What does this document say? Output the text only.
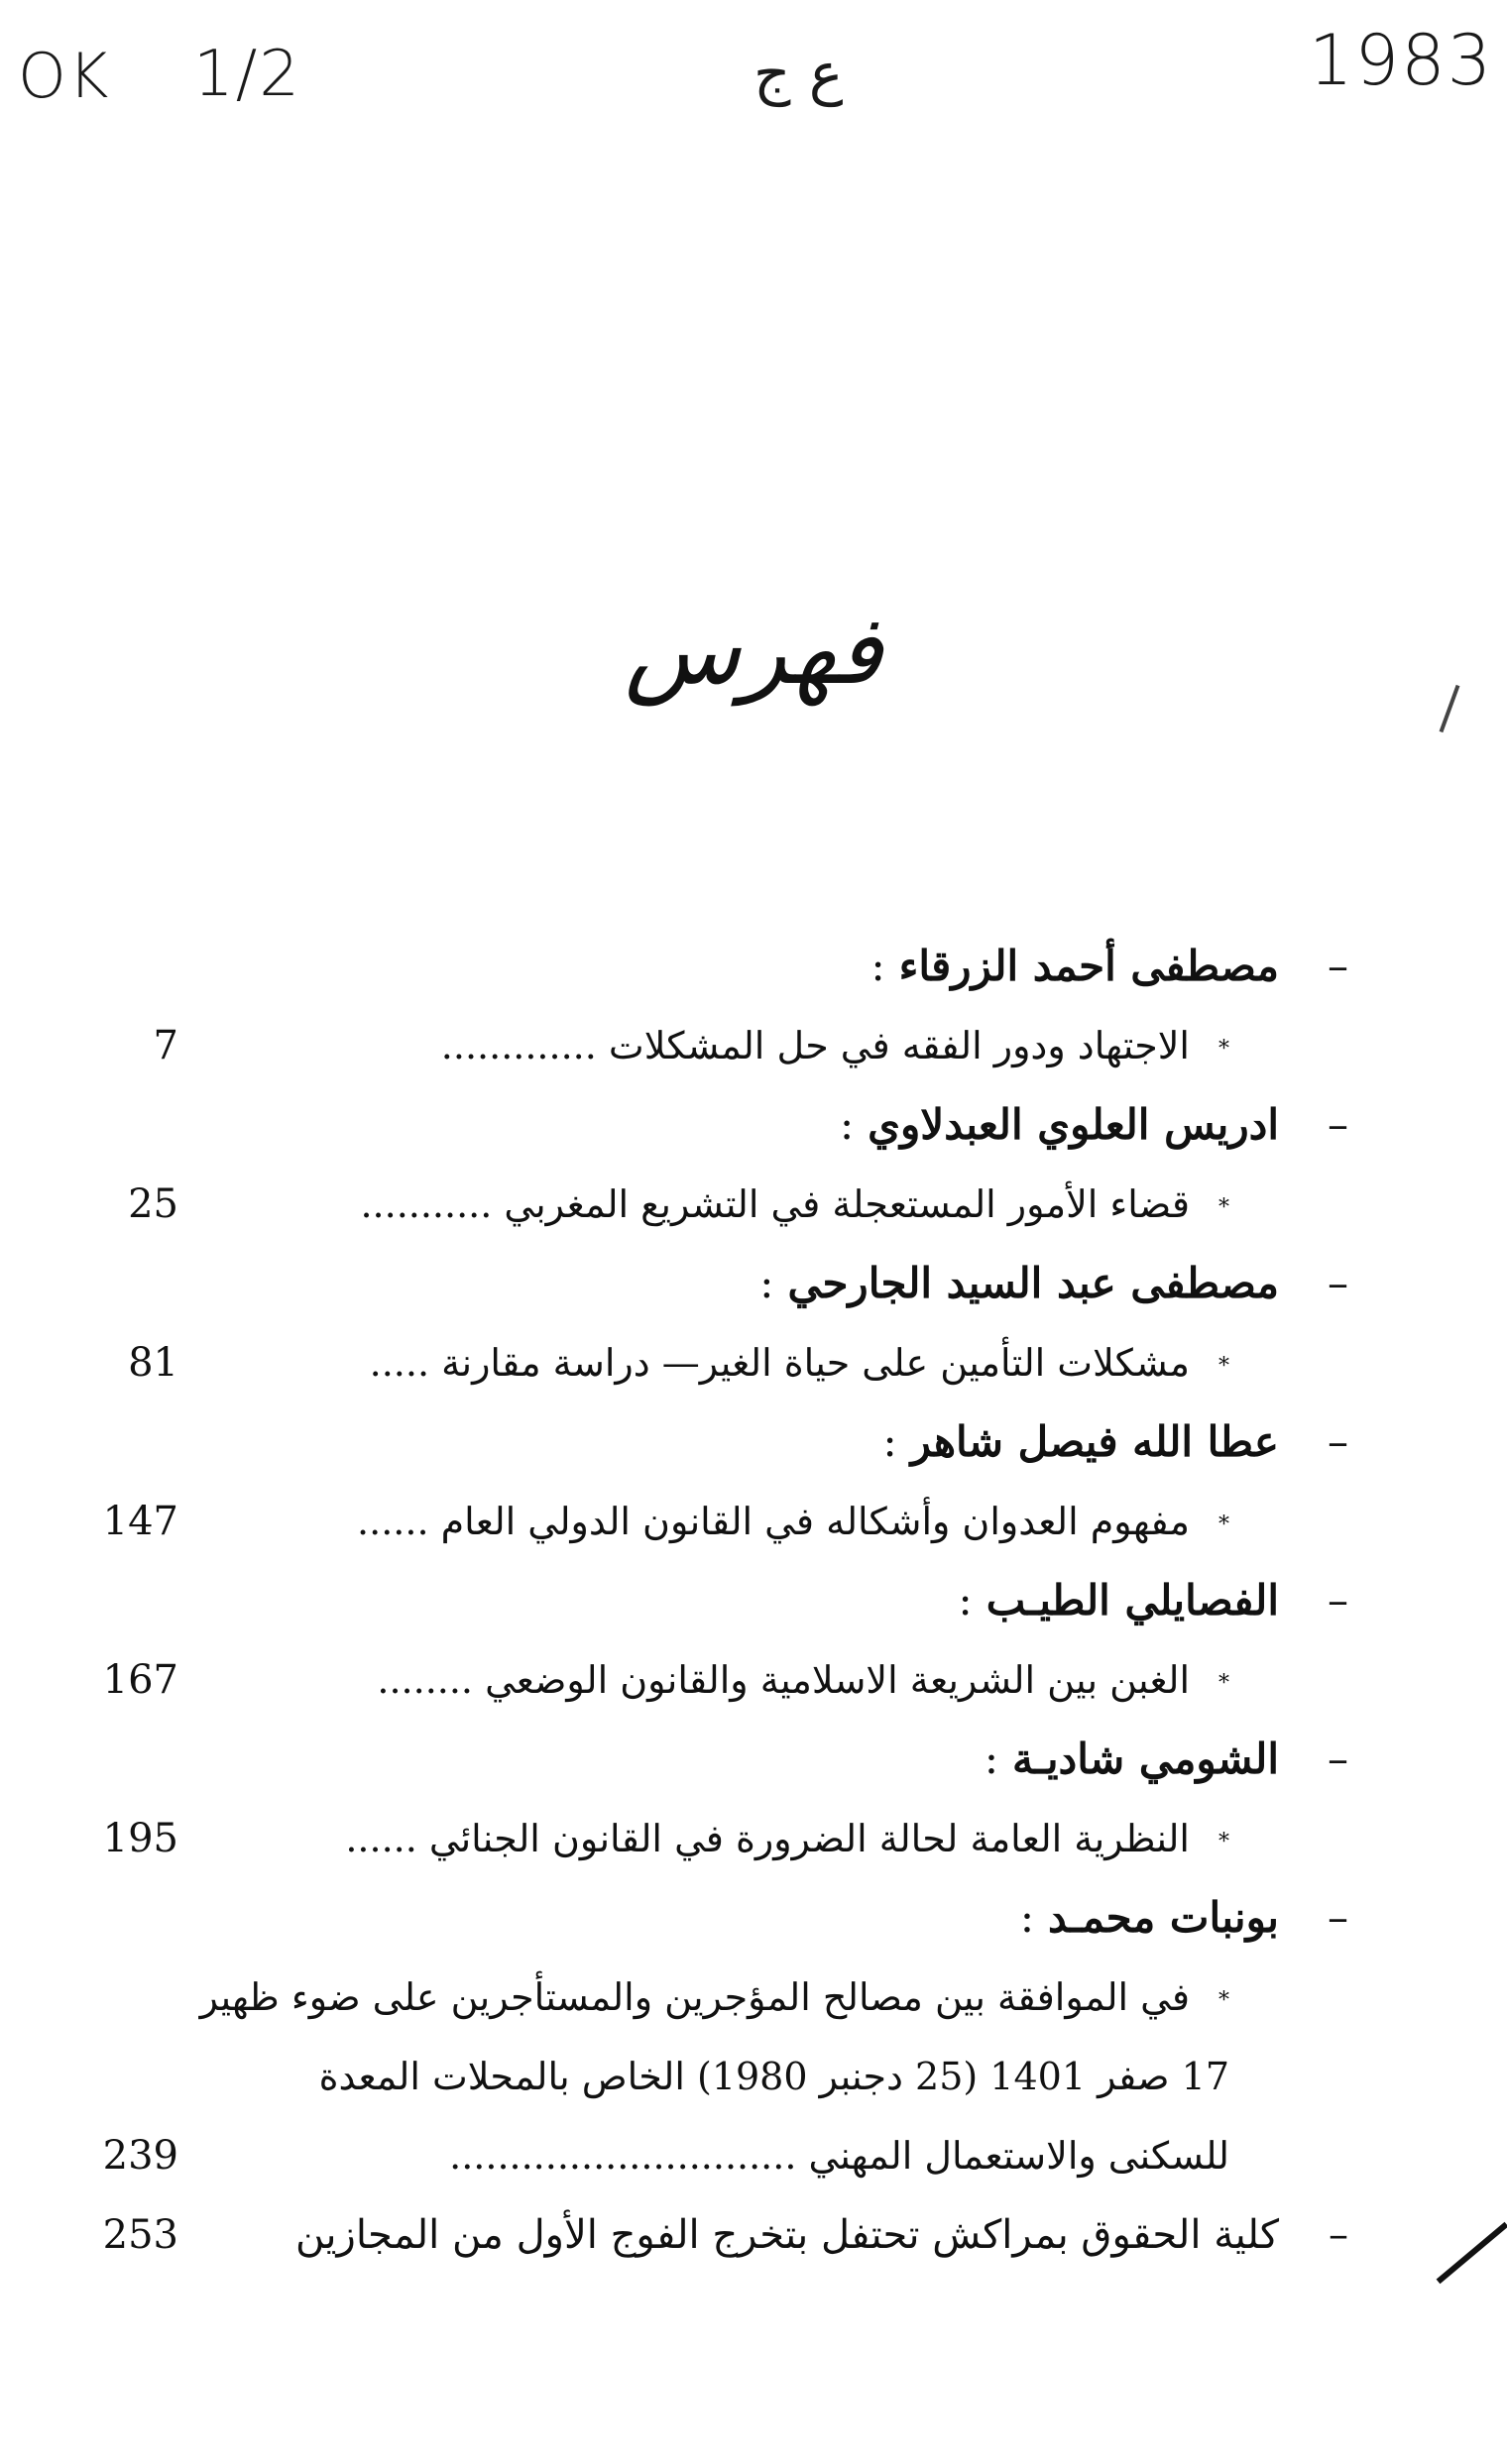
OK 1/2	ع ج	1983
فهرس
–مصطفى أحمد الزرقاء:
*الاجتهاد ودور الفقه في حل المشكلات .............
7
–ادريس العلوي العبدلاوي:
*قضاء الأمور المستعجلة في التشريع المغربي ...........
25
–مصطفى عبد السيد الجارحي:
*مشكلات التأمين على حياة الغير— دراسة مقارنة .....
81
–عطا الله فيصل شاهر:
*مفهوم العدوان وأشكاله في القانون الدولي العام ......
147
–الفصايلي الطيـب:
*الغبن بين الشريعة الاسلامية والقانون الوضعي ........
167
–الشومي شاديـة:
*النظرية العامة لحالة الضرورة في القانون الجنائي ......
195
–بونبات محمـد:
*في الموافقة بين مصالح المؤجرين والمستأجرين على ضوء ظهير
17 صفر 1401 (25 دجنبر 1980) الخاص بالمحلات المعدة
للسكنى والاستعمال المهني .............................
239
–كلية الحقوق بمراكش تحتفل بتخرج الفوج الأول من المجازين
253
